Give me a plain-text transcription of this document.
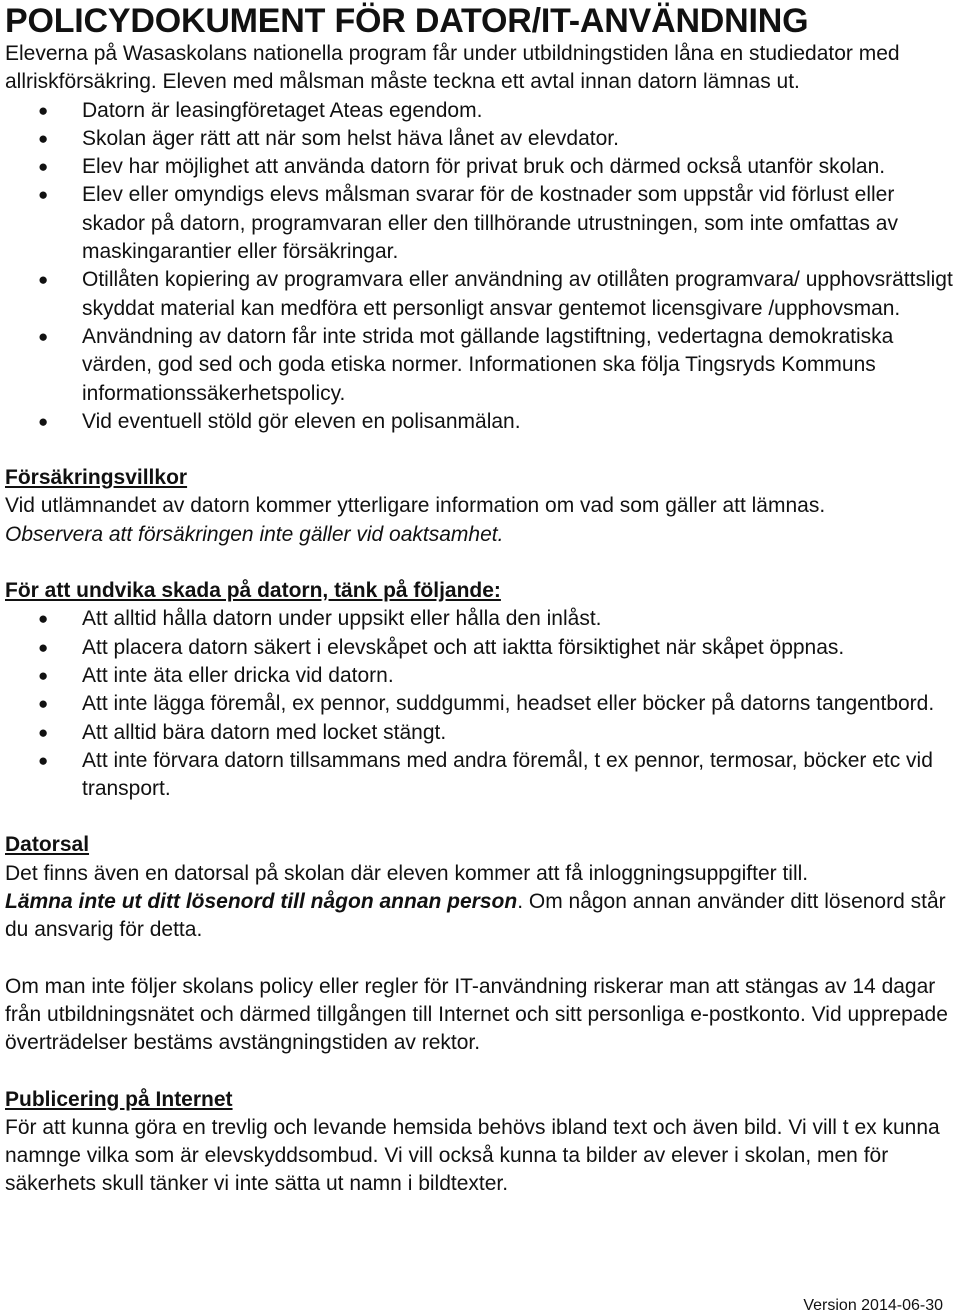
POLICYDOKUMENT FÖR DATOR/IT-ANVÄNDNING

Eleverna på Wasaskolans nationella program får under utbildningstiden låna en studiedator med allriskförsäkring. Eleven med målsman måste teckna ett avtal innan datorn lämnas ut.

● Datorn är leasingföretaget Ateas egendom.
● Skolan äger rätt att när som helst häva lånet av elevdator.
● Elev har möjlighet att använda datorn för privat bruk och därmed också utanför skolan.
● Elev eller omyndigs elevs målsman svarar för de kostnader som uppstår vid förlust eller skador på datorn, programvaran eller den tillhörande utrustningen, som inte omfattas av maskingarantier eller försäkringar.
● Otillåten kopiering av programvara eller användning av otillåten programvara/ upphovsrättsligt skyddat material kan medföra ett personligt ansvar gentemot licensgivare /upphovsman.
● Användning av datorn får inte strida mot gällande lagstiftning, vedertagna demokratiska värden, god sed och goda etiska normer. Informationen ska följa Tingsryds Kommuns informationssäkerhetspolicy.
● Vid eventuell stöld gör eleven en polisanmälan.

Försäkringsvillkor

Vid utlämnandet av datorn kommer ytterligare information om vad som gäller att lämnas.

Observera att försäkringen inte gäller vid oaktsamhet.

För att undvika skada på datorn, tänk på följande:

● Att alltid hålla datorn under uppsikt eller hålla den inlåst.
● Att placera datorn säkert i elevskåpet och att iaktta försiktighet när skåpet öppnas.
● Att inte äta eller dricka vid datorn.
● Att inte lägga föremål, ex pennor, suddgummi, headset eller böcker på datorns tangentbord.
● Att alltid bära datorn med locket stängt.
● Att inte förvara datorn tillsammans med andra föremål, t ex pennor, termosar, böcker etc vid transport.

Datorsal

Det finns även en datorsal på skolan där eleven kommer att få inloggningsuppgifter till.

Lämna inte ut ditt lösenord till någon annan person. Om någon annan använder ditt lösenord står du ansvarig för detta.

Om man inte följer skolans policy eller regler för IT-användning riskerar man att stängas av 14 dagar från utbildningsnätet och därmed tillgången till Internet och sitt personliga e-postkonto. Vid upprepade överträdelser bestäms avstängningstiden av rektor.

Publicering på Internet

För att kunna göra en trevlig och levande hemsida behövs ibland text och även bild. Vi vill t ex kunna namnge vilka som är elevskyddsombud. Vi vill också kunna ta bilder av elever i skolan, men för säkerhets skull tänker vi inte sätta ut namn i bildtexter.

Version 2014-06-30
